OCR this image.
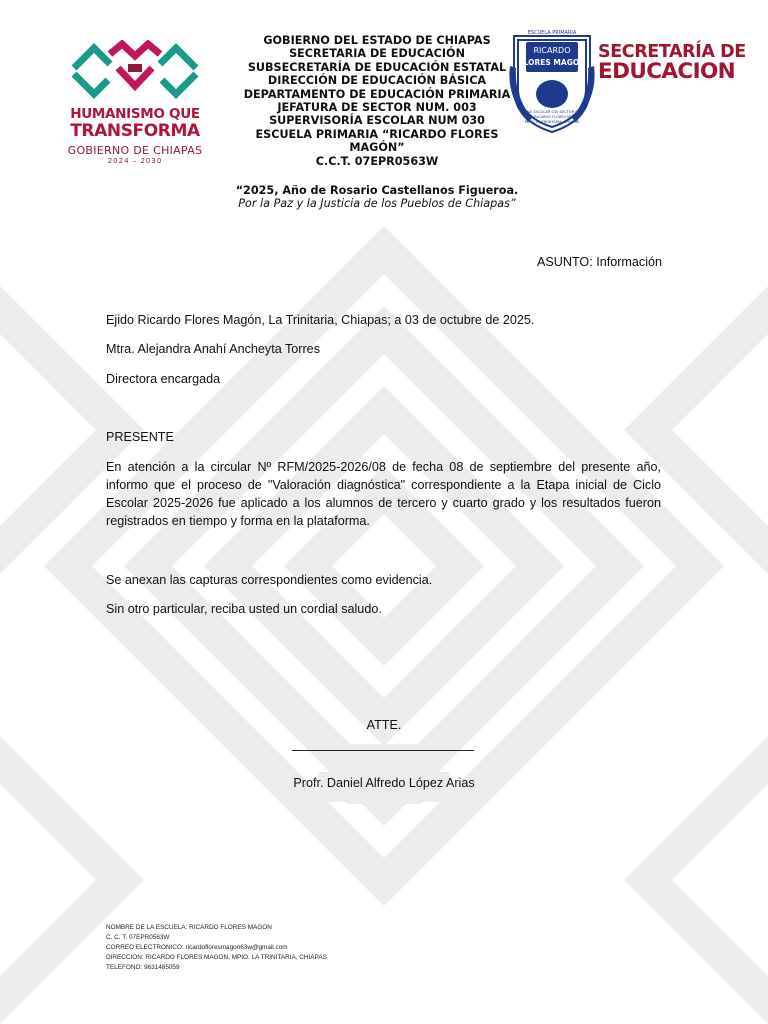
HUMANISMO QUE
TRANSFORMA
GOBIERNO DE CHIAPAS
2024 – 2030
GOBIERNO DEL ESTADO DE CHIAPAS
SECRETARIA DE EDUCACIÓN
SUBSECRETARÍA DE EDUCACIÓN ESTATAL
DIRECCIÓN DE EDUCACIÓN BÁSICA
DEPARTAMENTO DE EDUCACIÓN PRIMARIA
JEFATURA DE SECTOR NUM. 003
SUPERVISORÍA ESCOLAR NUM 030
ESCUELA PRIMARIA “RICARDO FLORES MAGÓN”
C.C.T. 07EPR0563W
“2025, Año de Rosario Castellanos Figueroa.
Por la Paz y la Justicia de los Pueblos de Chiapas”
ESCUELA PRIMARIA
RICARDO
FLORES MAGON
ZONA ESCOLAR 030 SECTOR 003
EJIDO RICARDO FLORES MAGON
MPIO. LA TRINITARIA, CHIAPAS
SECRETARÍA DE
EDUCACION
ASUNTO: Información
Ejido Ricardo Flores Magón, La Trinitaria, Chiapas; a 03 de octubre de 2025.
Mtra. Alejandra Anahí Ancheyta Torres
Directora encargada
PRESENTE
En atención a la circular Nº RFM/2025-2026/08 de fecha 08 de septiembre del presente año, informo que el proceso de "Valoración diagnóstica" correspondiente a la Etapa inicial de Ciclo Escolar 2025-2026 fue aplicado a los alumnos de tercero y cuarto grado y los resultados fueron registrados en tiempo y forma en la plataforma.
Se anexan las capturas correspondientes como evidencia.
Sin otro particular, reciba usted un cordial saludo.
ATTE.
Profr. Daniel Alfredo López Arias
NOMBRE DE LA ESCUELA: RICARDO FLORES MAGON
C. C. T. 07EPR0563W
CORREO ELECTRONICO: ricardofloresmagon63w@gmail.com
DIRECCION: RICARDO FLORES MAGON, MPIO. LA TRINITARIA, CHIAPAS
TELEFONO: 9631485059
